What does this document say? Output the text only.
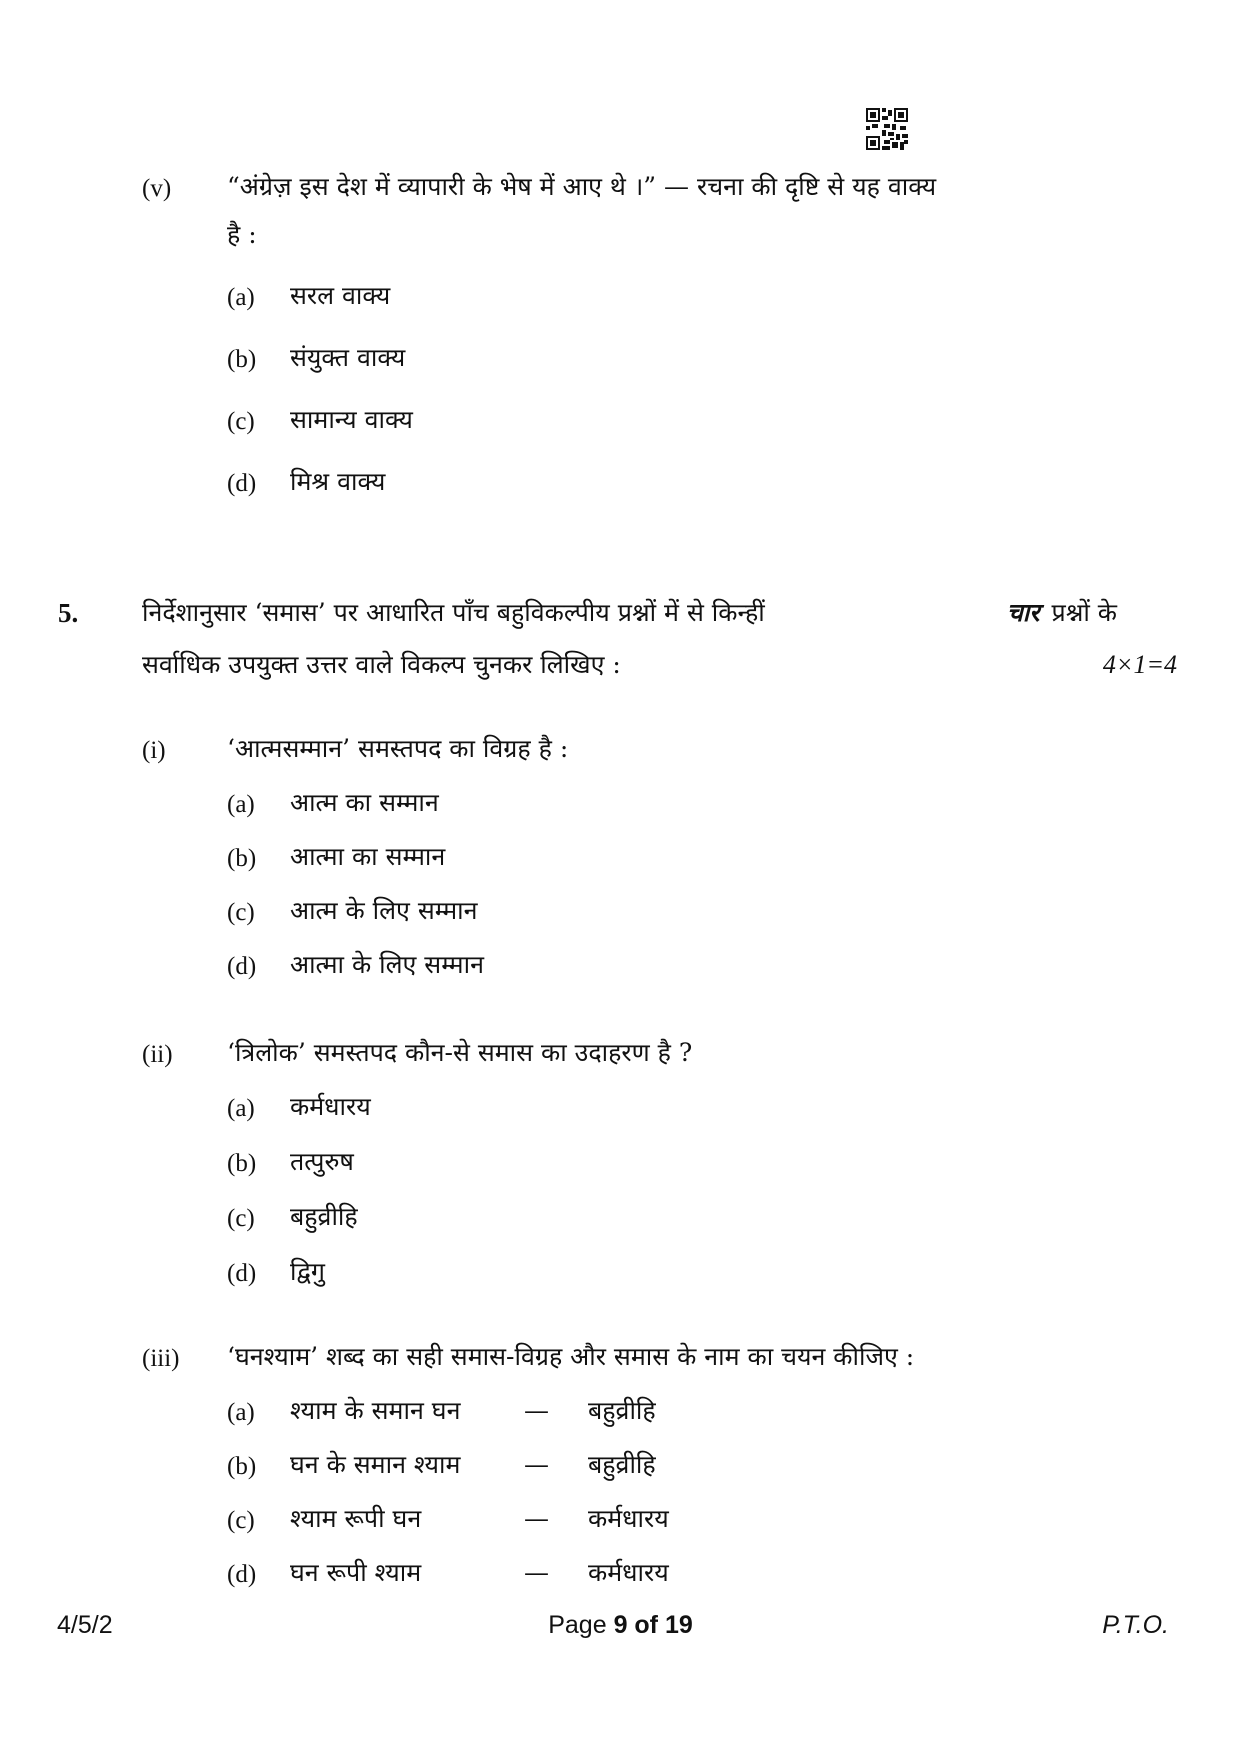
(v) “अंग्रेज़ इस देश में व्यापारी के भेष में आए थे ।” — रचना की दृष्टि से यह वाक्य
है :
(a) सरल वाक्य
(b) संयुक्त वाक्य
(c) सामान्य वाक्य
(d) मिश्र वाक्य
5.	निर्देशानुसार ‘समास’ पर आधारित पाँच बहुविकल्पीय प्रश्नों में से किन्हीं	चार प्रश्नों के
सर्वाधिक उपयुक्त उत्तर वाले विकल्प चुनकर लिखिए :	4×1=4
(i) ‘आत्मसम्मान’ समस्तपद का विग्रह है :
(a) आत्म का सम्मान
(b) आत्मा का सम्मान
(c) आत्म के लिए सम्मान
(d) आत्मा के लिए सम्मान
(ii) ‘त्रिलोक’ समस्तपद कौन-से समास का उदाहरण है ?
(a) कर्मधारय
(b) तत्पुरुष
(c) बहुव्रीहि
(d) द्विगु
(iii) ‘घनश्याम’ शब्द का सही समास-विग्रह और समास के नाम का चयन कीजिए :
(a) श्याम के समान घन	— बहुव्रीहि
(b) घन के समान श्याम	— बहुव्रीहि
(c) श्याम रूपी घन	— कर्मधारय
(d) घन रूपी श्याम	— कर्मधारय
4/5/2	Page 9 of 19	P.T.O.
